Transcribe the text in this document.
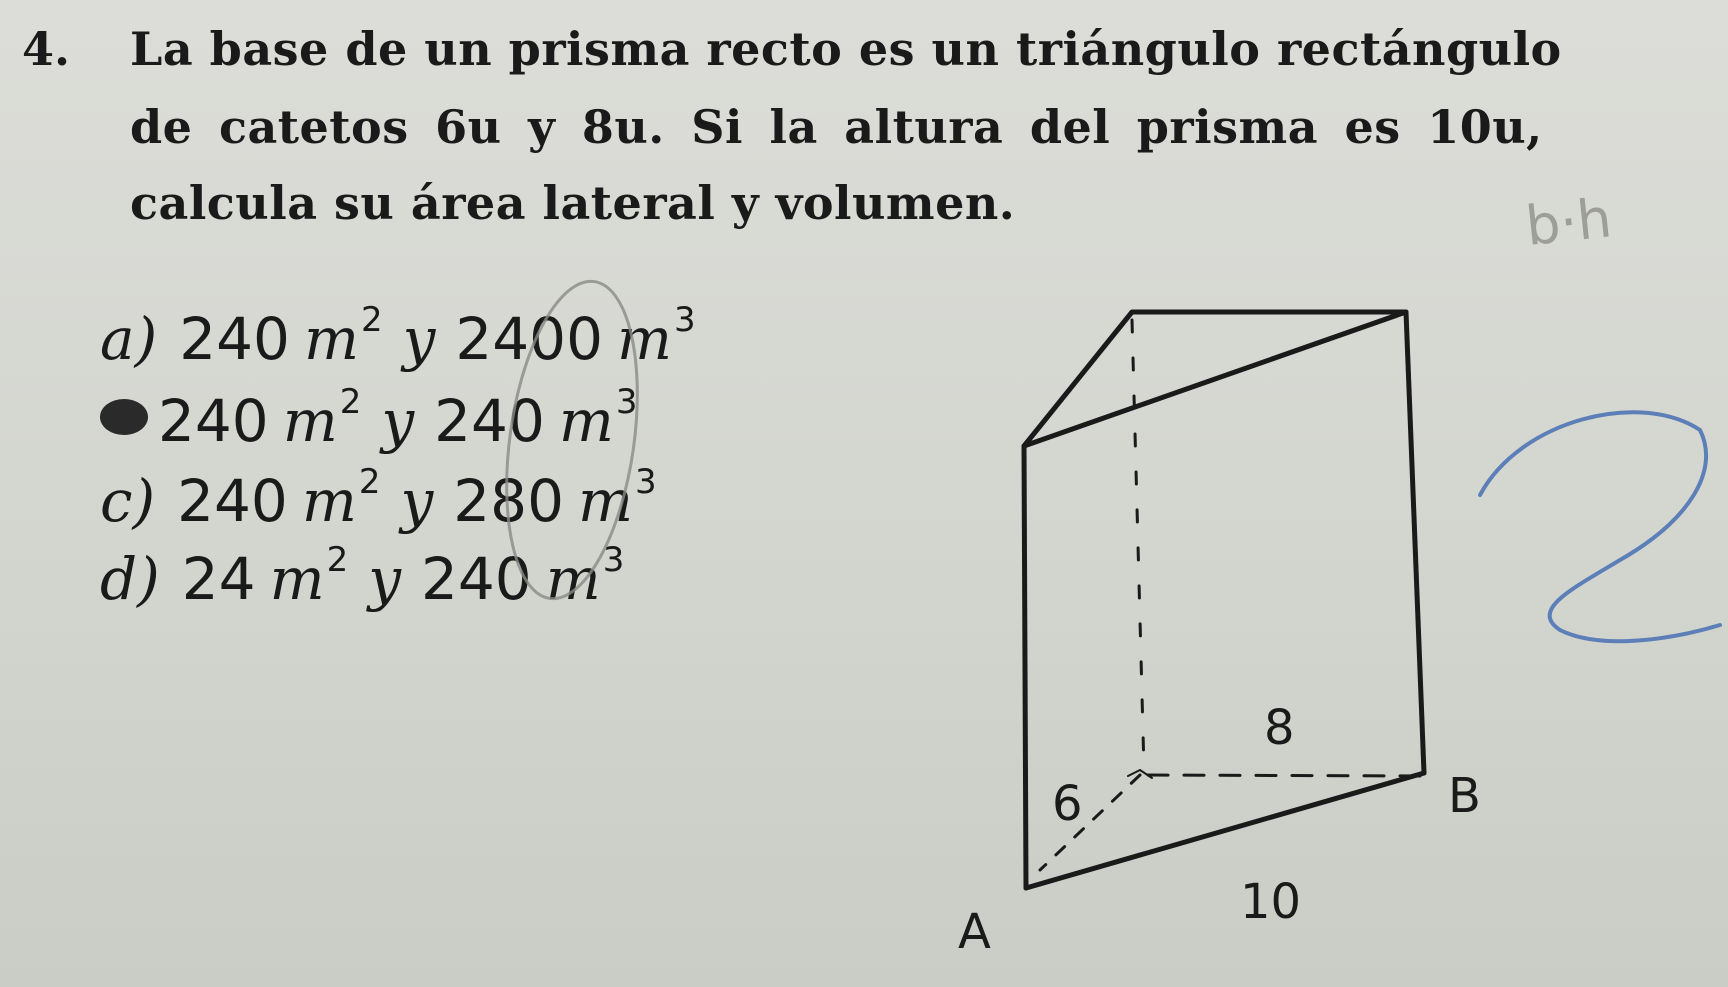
4. La base de un prisma recto es un triángulo rectángulo
de catetos 6u y 8u. Si la altura del prisma es 10u,
calcula su área lateral y volumen.
a) 240 $m^2$ y 2400 $m^3$
240 $m^2$ y 240 $m^3$
c) 240 $m^2$ y 280 $m^3$
d) 24 $m^2$ y 240 $m^3$
b·h
8
6	B
10
A
